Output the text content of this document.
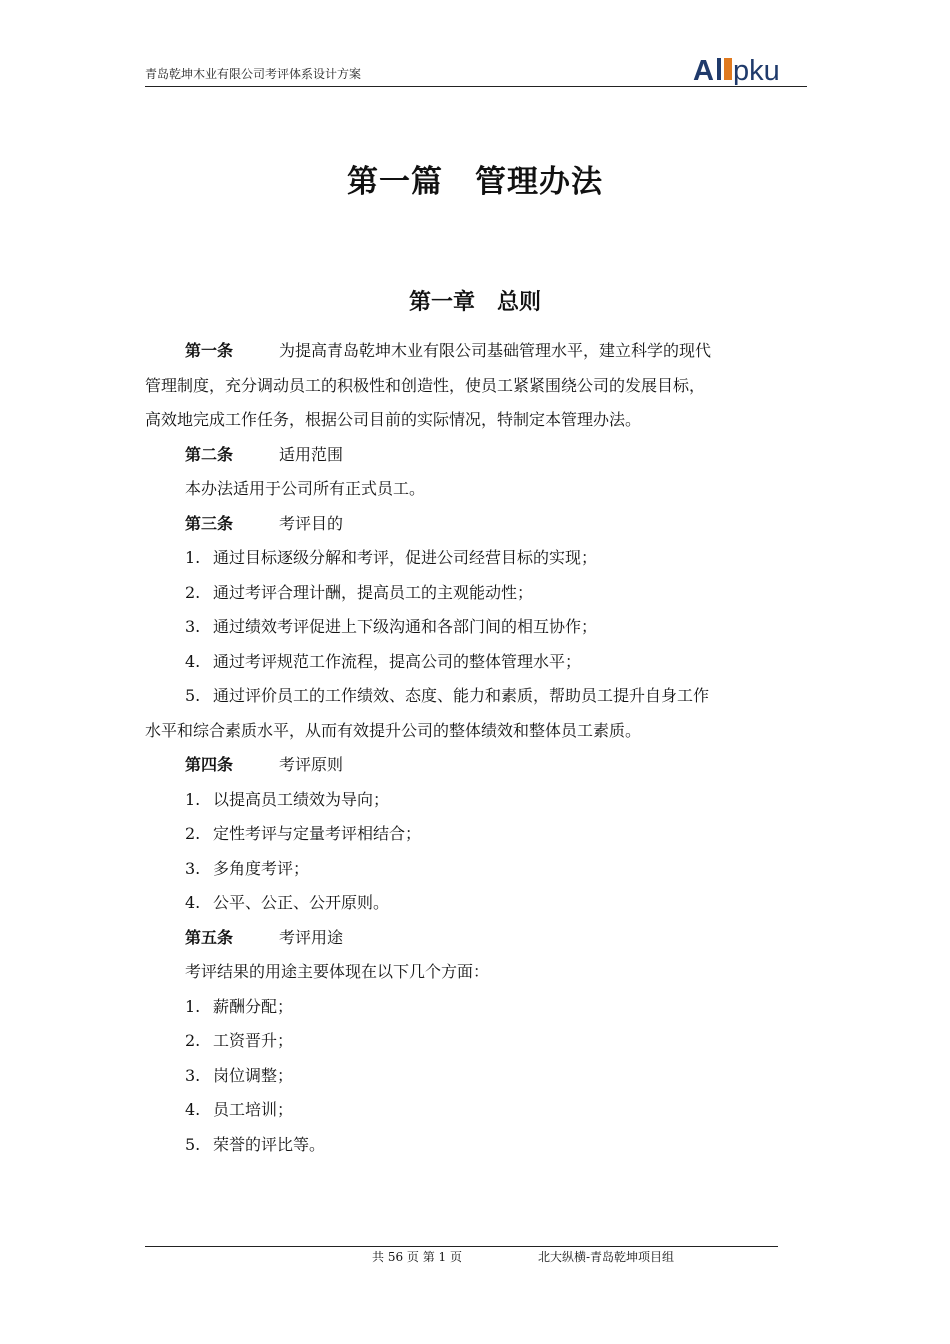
青岛乾坤木业有限公司考评体系设计方案	A pku
第一篇　管理办法
第一章　总则

第一条	为提高青岛乾坤木业有限公司基础管理水平，建立科学的现代

管理制度，充分调动员工的积极性和创造性，使员工紧紧围绕公司的发展目标，

高效地完成工作任务，根据公司目前的实际情况，特制定本管理办法。

第二条	适用范围

本办法适用于公司所有正式员工。

第三条	考评目的

1. 通过目标逐级分解和考评，促进公司经营目标的实现；

2. 通过考评合理计酬，提高员工的主观能动性；

3. 通过绩效考评促进上下级沟通和各部门间的相互协作；

4. 通过考评规范工作流程，提高公司的整体管理水平；

5. 通过评价员工的工作绩效、态度、能力和素质，帮助员工提升自身工作

水平和综合素质水平，从而有效提升公司的整体绩效和整体员工素质。

第四条	考评原则

1. 以提高员工绩效为导向；

2. 定性考评与定量考评相结合；

3. 多角度考评；

4. 公平、公正、公开原则。

第五条	考评用途

考评结果的用途主要体现在以下几个方面：

1. 薪酬分配；

2. 工资晋升；

3. 岗位调整；

4. 员工培训；

5. 荣誉的评比等。

共 56 页 第 1 页	北大纵横-青岛乾坤项目组
